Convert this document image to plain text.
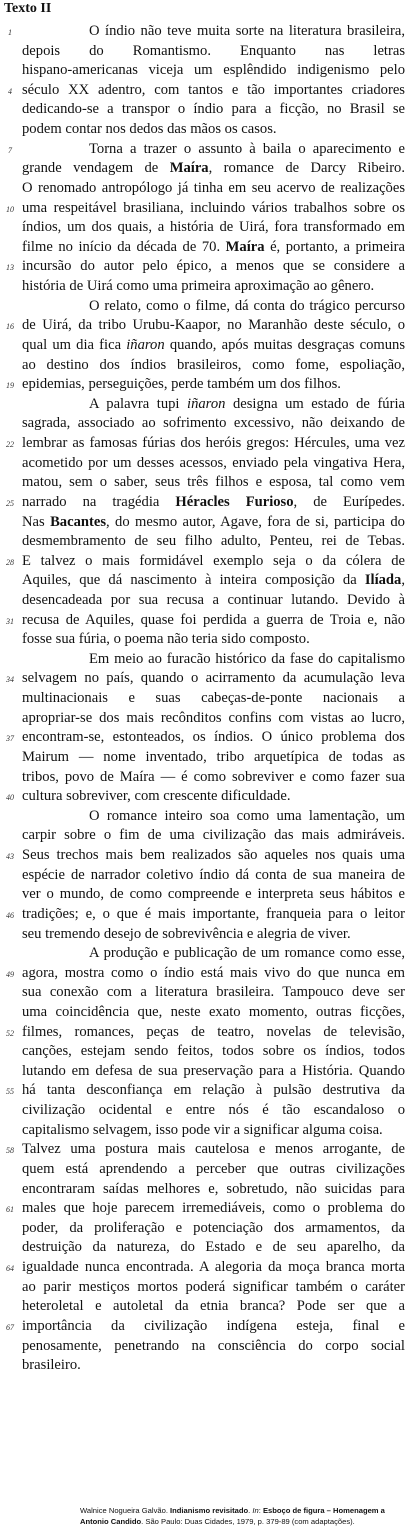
Texto II
O índio não teve muita sorte na literatura brasileira,
depois do Romantismo. Enquanto nas letras
hispano-americanas viceja um esplêndido indigenismo pelo
século XX adentro, com tantos e tão importantes criadores
dedicando-se a transpor o índio para a ficção, no Brasil se
podem contar nos dedos das mãos os casos.
Torna a trazer o assunto à baila o aparecimento e
grande vendagem de Maíra, romance de Darcy Ribeiro.
O renomado antropólogo já tinha em seu acervo de realizações
uma respeitável brasiliana, incluindo vários trabalhos sobre os
índios, um dos quais, a história de Uirá, fora transformado em
filme no início da década de 70. Maíra é, portanto, a primeira
incursão do autor pelo épico, a menos que se considere a
história de Uirá como uma primeira aproximação ao gênero.
O relato, como o filme, dá conta do trágico percurso
de Uirá, da tribo Urubu-Kaapor, no Maranhão deste século, o
qual um dia fica iñaron quando, após muitas desgraças comuns
ao destino dos índios brasileiros, como fome, espoliação,
epidemias, perseguições, perde também um dos filhos.
A palavra tupi iñaron designa um estado de fúria
sagrada, associado ao sofrimento excessivo, não deixando de
lembrar as famosas fúrias dos heróis gregos: Hércules, uma vez
acometido por um desses acessos, enviado pela vingativa Hera,
matou, sem o saber, seus três filhos e esposa, tal como vem
narrado na tragédia Héracles Furioso, de Eurípedes.
Nas Bacantes, do mesmo autor, Agave, fora de si, participa do
desmembramento de seu filho adulto, Penteu, rei de Tebas.
E talvez o mais formidável exemplo seja o da cólera de
Aquiles, que dá nascimento à inteira composição da Ilíada,
desencadeada por sua recusa a continuar lutando. Devido à
recusa de Aquiles, quase foi perdida a guerra de Troia e, não
fosse sua fúria, o poema não teria sido composto.
Em meio ao furacão histórico da fase do capitalismo
selvagem no país, quando o acirramento da acumulação leva
multinacionais e suas cabeças-de-ponte nacionais a
apropriar-se dos mais recônditos confins com vistas ao lucro,
encontram-se, estonteados, os índios. O único problema dos
Mairum — nome inventado, tribo arquetípica de todas as
tribos, povo de Maíra — é como sobreviver e como fazer sua
cultura sobreviver, com crescente dificuldade.
O romance inteiro soa como uma lamentação, um
carpir sobre o fim de uma civilização das mais admiráveis.
Seus trechos mais bem realizados são aqueles nos quais uma
espécie de narrador coletivo índio dá conta de sua maneira de
ver o mundo, de como compreende e interpreta seus hábitos e
tradições; e, o que é mais importante, franqueia para o leitor
seu tremendo desejo de sobrevivência e alegria de viver.
A produção e publicação de um romance como esse,
agora, mostra como o índio está mais vivo do que nunca em
sua conexão com a literatura brasileira. Tampouco deve ser
uma coincidência que, neste exato momento, outras ficções,
filmes, romances, peças de teatro, novelas de televisão,
canções, estejam sendo feitos, todos sobre os índios, todos
lutando em defesa de sua preservação para a História. Quando
há tanta desconfiança em relação à pulsão destrutiva da
civilização ocidental e entre nós é tão escandaloso o
capitalismo selvagem, isso pode vir a significar alguma coisa.
Talvez uma postura mais cautelosa e menos arrogante, de
quem está aprendendo a perceber que outras civilizações
encontraram saídas melhores e, sobretudo, não suicidas para
males que hoje parecem irremediáveis, como o problema do
poder, da proliferação e potenciação dos armamentos, da
destruição da natureza, do Estado e de seu aparelho, da
igualdade nunca encontrada. A alegoria da moça branca morta
ao parir mestiços mortos poderá significar também o caráter
heteroletal e autoletal da etnia branca? Pode ser que a
importância da civilização indígena esteja, final e
penosamente, penetrando na consciência do corpo social
brasileiro.
1
4
7
10
13
16
19
22
25
28
31
34
37
40
43
46
49
52
55
58
61
64
67
Walnice Nogueira Galvão. Indianismo revisitado. In: Esboço de figura – Homenagem a Antonio Candido. São Paulo: Duas Cidades, 1979, p. 379-89 (com adaptações).
